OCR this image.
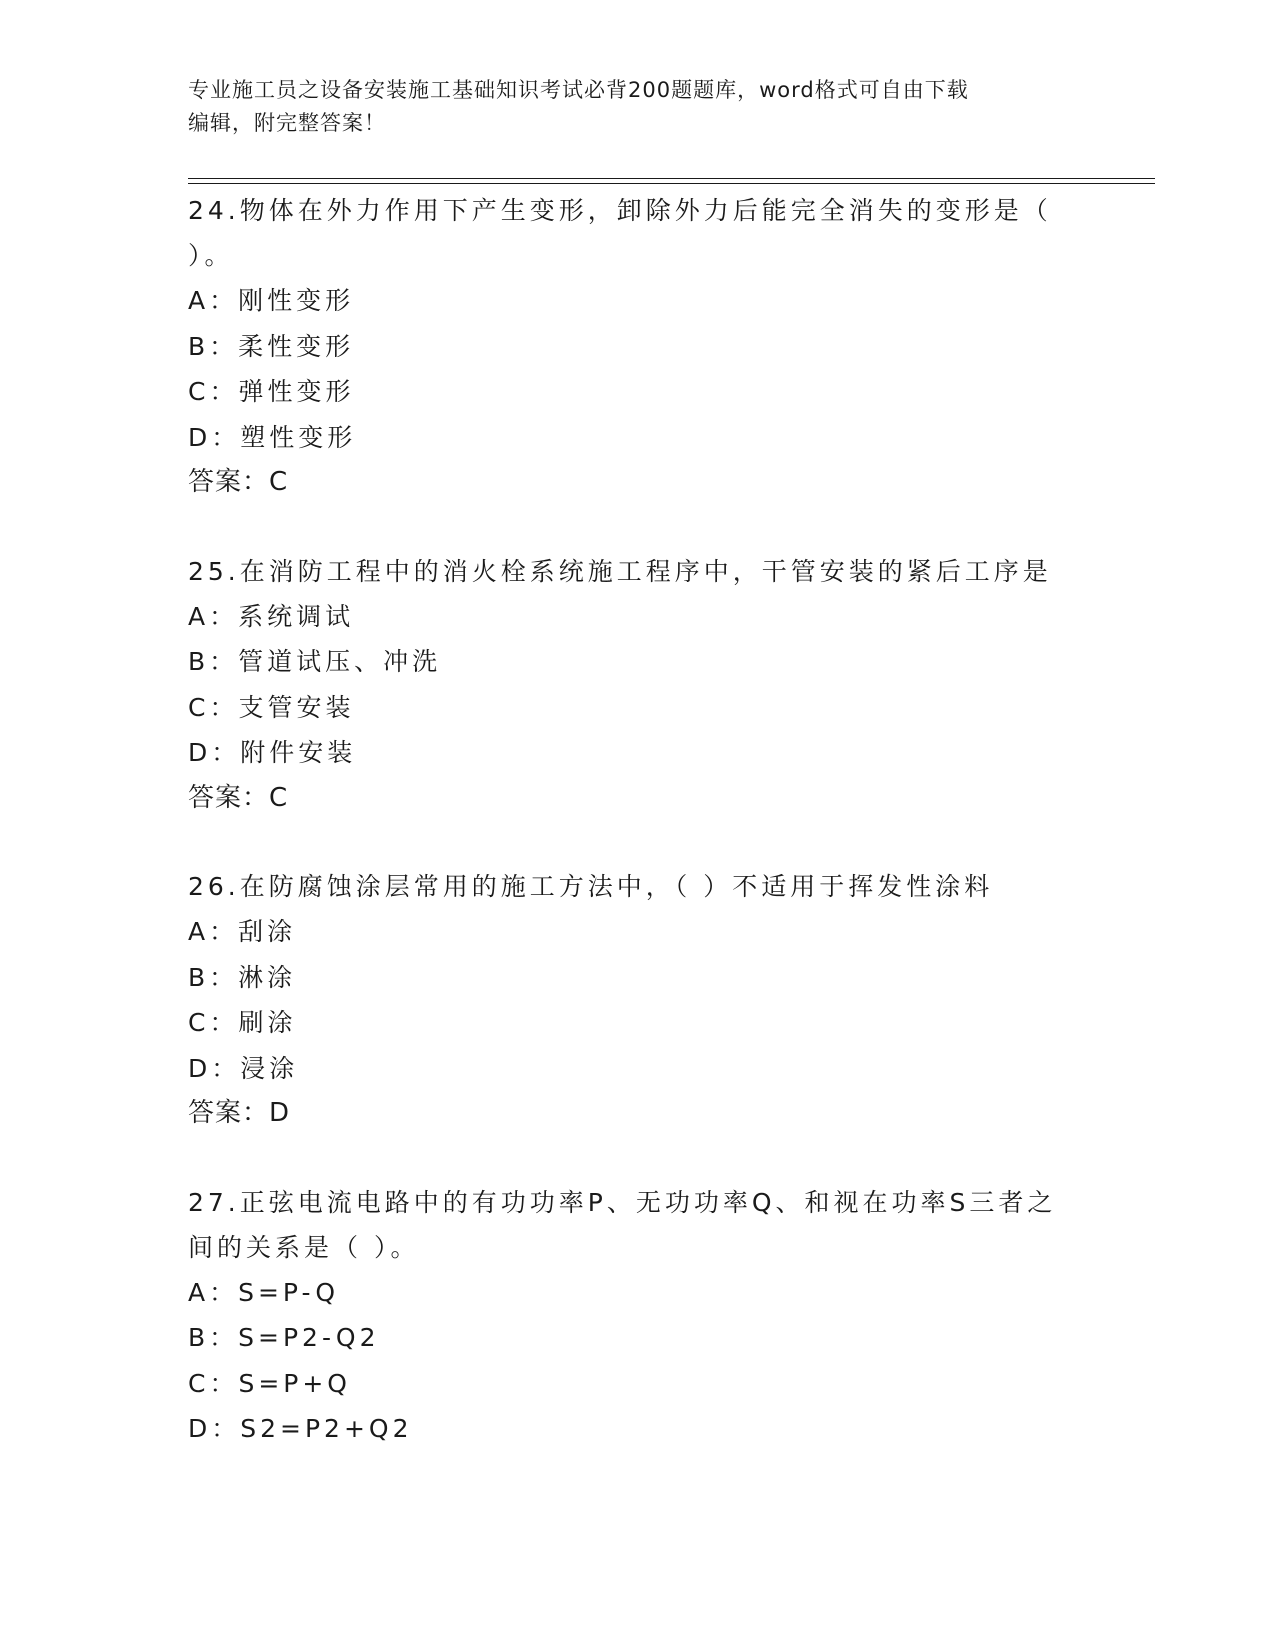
专业施工员之设备安装施工基础知识考试必背200题题库，word格式可自由下载
编辑，附完整答案！
24.物体在外力作用下产生变形，卸除外力后能完全消失的变形是（ ）。
A：刚性变形
B：柔性变形
C：弹性变形
D：塑性变形
答案：C
25.在消防工程中的消火栓系统施工程序中，干管安装的紧后工序是
A：系统调试
B：管道试压、冲洗
C：支管安装
D：附件安装
答案：C
26.在防腐蚀涂层常用的施工方法中，（ ）不适用于挥发性涂料
A：刮涂
B：淋涂
C：刷涂
D：浸涂
答案：D
27.正弦电流电路中的有功功率P、无功功率Q、和视在功率S三者之间的关系是（ ）。
A：S=P-Q
B：S=P2-Q2
C：S=P+Q
D：S2=P2+Q2
